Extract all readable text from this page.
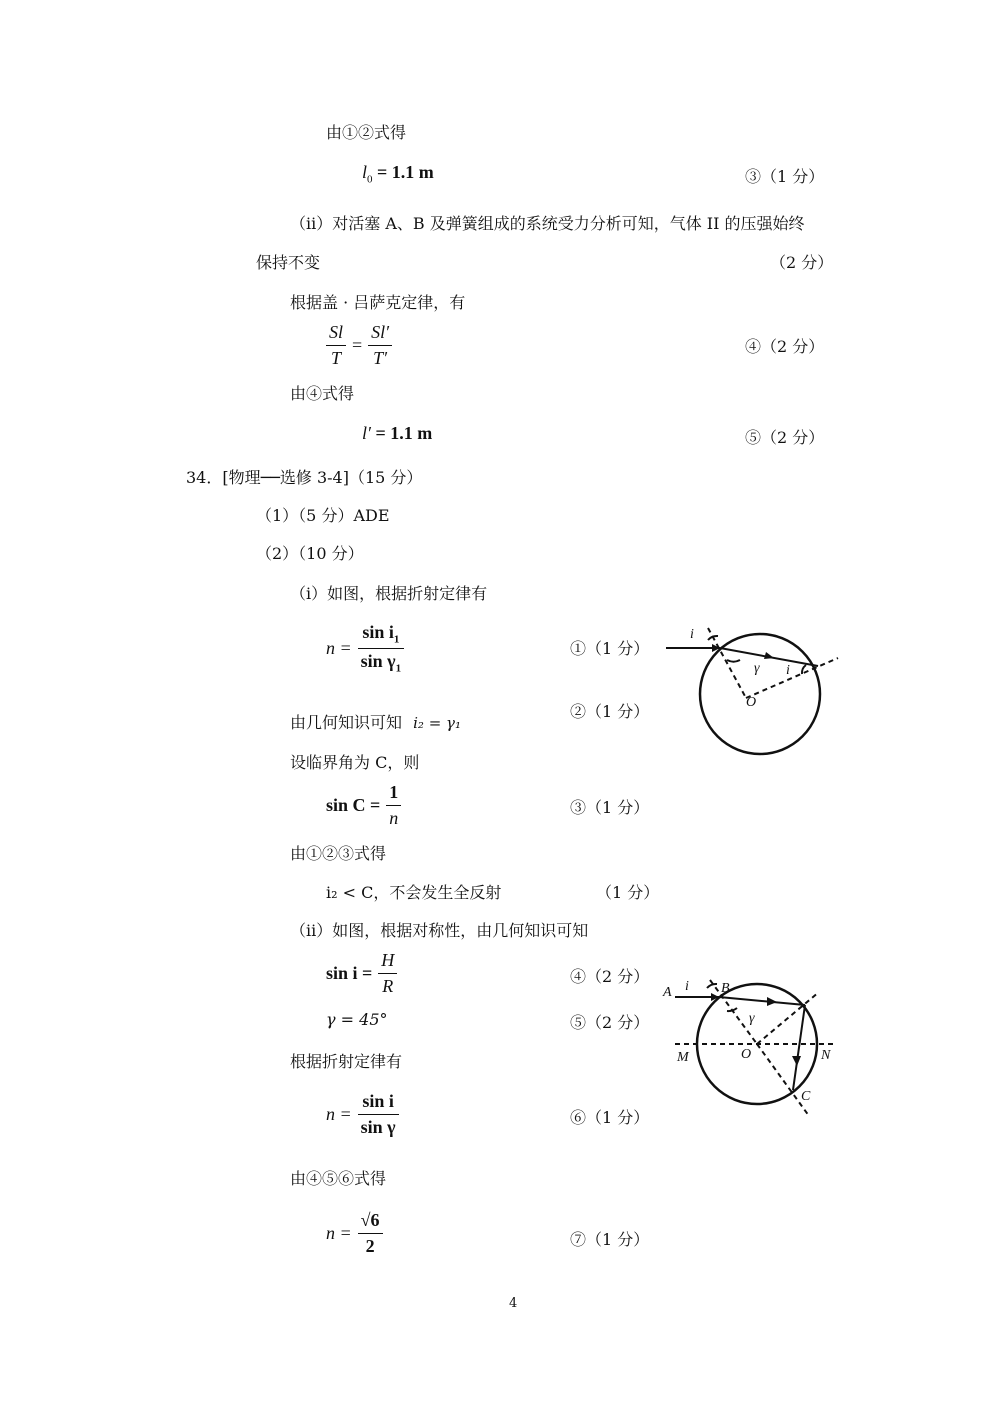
由①②式得
$l_0 = 1.1$ m	③（1 分）
（ii）对活塞 A、B 及弹簧组成的系统受力分析可知，气体 II 的压强始终
保持不变	（2 分）
根据盖 · 吕萨克定律，有
$\frac{Sl}{T} = \frac{Sl'}{T'}$	④（2 分）
由④式得
l′ = 1.1 m	⑤（2 分）
34．[物理──选修 3-4]（15 分）
（1）（5 分）ADE
（2）（10 分）
（i）如图，根据折射定律有
$n = \frac{\sin i_1}{\sin \gamma_1}$	①（1 分）
由几何知识可知 i₂ = γ₁
②（1 分）
设临界角为 C，则
$\sin C = \frac{1}{n}$	③（1 分）
由①②③式得
i₂ < C，不会发生全反射	（1 分）
（ii）如图，根据对称性，由几何知识可知
$\sin i = \frac{H}{R}$	④（2 分）
γ = 45°	⑤（2 分）
根据折射定律有
$n = \frac{\text{sin i}}{\text{sin γ}}$	⑥（1 分）
由④⑤⑥式得
$n = \frac{√6}{2}$	⑦（1 分）
i
γ i
O
A i B
γ
M	O	N
C
4
